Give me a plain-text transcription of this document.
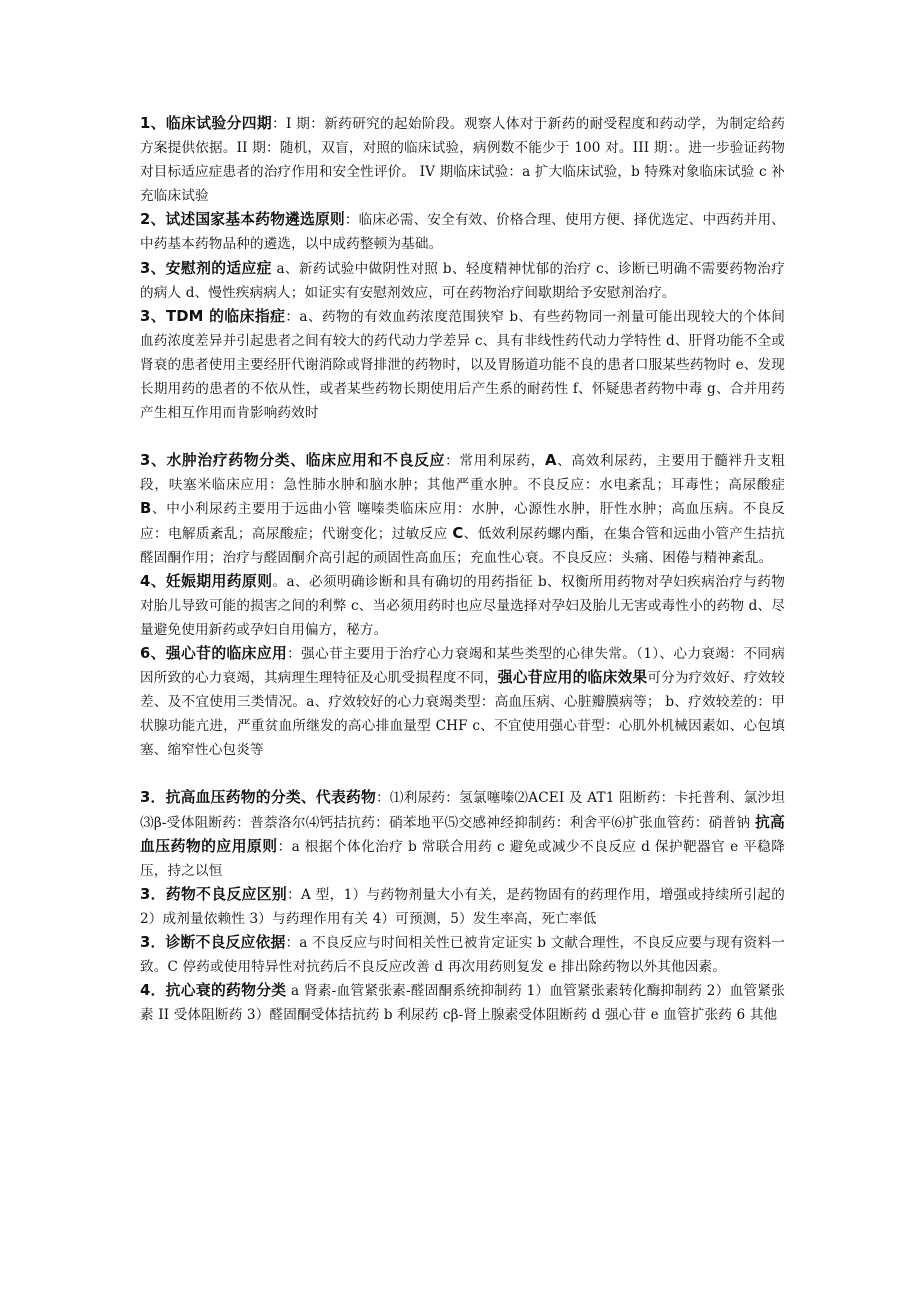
1、临床试验分四期：I 期：新药研究的起始阶段。观察人体对于新药的耐受程度和药动学，为制定给药方案提供依据。II 期：随机，双盲，对照的临床试验，病例数不能少于 100 对。III 期：。进一步验证药物对目标适应症患者的治疗作用和安全性评价。 IV 期临床试验：a 扩大临床试验，b 特殊对象临床试验 c 补充临床试验

2、试述国家基本药物遴选原则：临床必需、安全有效、价格合理、使用方便、择优选定、中西药并用、中药基本药物品种的遴选，以中成药整顿为基础。

3、安慰剂的适应症 a、新药试验中做阴性对照 b、轻度精神忧郁的治疗 c、诊断已明确不需要药物治疗的病人 d、慢性疾病病人；如证实有安慰剂效应，可在药物治疗间歇期给予安慰剂治疗。

3、TDM 的临床指症：a、药物的有效血药浓度范围狭窄 b、有些药物同一剂量可能出现较大的个体间血药浓度差异并引起患者之间有较大的药代动力学差异 c、具有非线性药代动力学特性 d、肝肾功能不全或肾衰的患者使用主要经肝代谢消除或肾排泄的药物时，以及胃肠道功能不良的患者口服某些药物时 e、发现长期用药的患者的不依从性，或者某些药物长期使用后产生系的耐药性 f、怀疑患者药物中毒 g、合并用药产生相互作用而肯影响药效时

3、水肿治疗药物分类、临床应用和不良反应：常用利尿药，A、高效利尿药，主要用于髓袢升支粗段，呋塞米临床应用：急性肺水肿和脑水肿；其他严重水肿。不良反应：水电紊乱；耳毒性；高尿酸症 B、中小利尿药主要用于远曲小管 噻嗪类临床应用：水肿，心源性水肿，肝性水肿；高血压病。不良反应：电解质紊乱；高尿酸症；代谢变化；过敏反应 C、低效利尿药螺内酯，在集合管和远曲小管产生拮抗醛固酮作用；治疗与醛固酮介高引起的顽固性高血压；充血性心衰。不良反应：头痛、困倦与精神紊乱。

4、妊娠期用药原则。a、必须明确诊断和具有确切的用药指征 b、权衡所用药物对孕妇疾病治疗与药物对胎儿导致可能的损害之间的利弊 c、当必须用药时也应尽量选择对孕妇及胎儿无害或毒性小的药物 d、尽量避免使用新药或孕妇自用偏方，秘方。

6、强心苷的临床应用：强心苷主要用于治疗心力衰竭和某些类型的心律失常。（1）、心力衰竭：不同病因所致的心力衰竭，其病理生理特征及心肌受损程度不同，强心苷应用的临床效果可分为疗效好、疗效较差、及不宜使用三类情况。a、疗效较好的心力衰竭类型：高血压病、心脏瓣膜病等； b、疗效较差的：甲状腺功能亢进，严重贫血所继发的高心排血量型 CHF c、不宜使用强心苷型：心肌外机械因素如、心包填塞、缩窄性心包炎等

3．抗高血压药物的分类、代表药物：⑴利尿药：氢氯噻嗪⑵ACEI 及 AT1 阻断药：卡托普利、氯沙坦⑶β-受体阻断药：普萘洛尔⑷钙拮抗药：硝苯地平⑸交感神经抑制药：利舍平⑹扩张血管药：硝普钠 抗高血压药物的应用原则：a 根据个体化治疗 b 常联合用药 c 避免或减少不良反应 d 保护靶器官 e 平稳降压，持之以恒

3．药物不良反应区别：A 型，1）与药物剂量大小有关，是药物固有的药理作用，增强或持续所引起的 2）成剂量依赖性 3）与药理作用有关 4）可预测，5）发生率高，死亡率低

3．诊断不良反应依据：a 不良反应与时间相关性已被肯定证实 b 文献合理性，不良反应要与现有资料一致。C 停药或使用特异性对抗药后不良反应改善 d 再次用药则复发 e 排出除药物以外其他因素。

4．抗心衰的药物分类 a 肾素-血管紧张素-醛固酮系统抑制药 1）血管紧张素转化酶抑制药 2）血管紧张素 II 受体阻断药 3）醛固酮受体拮抗药 b 利尿药 cβ-肾上腺素受体阻断药 d 强心苷 e 血管扩张药 6 其他
